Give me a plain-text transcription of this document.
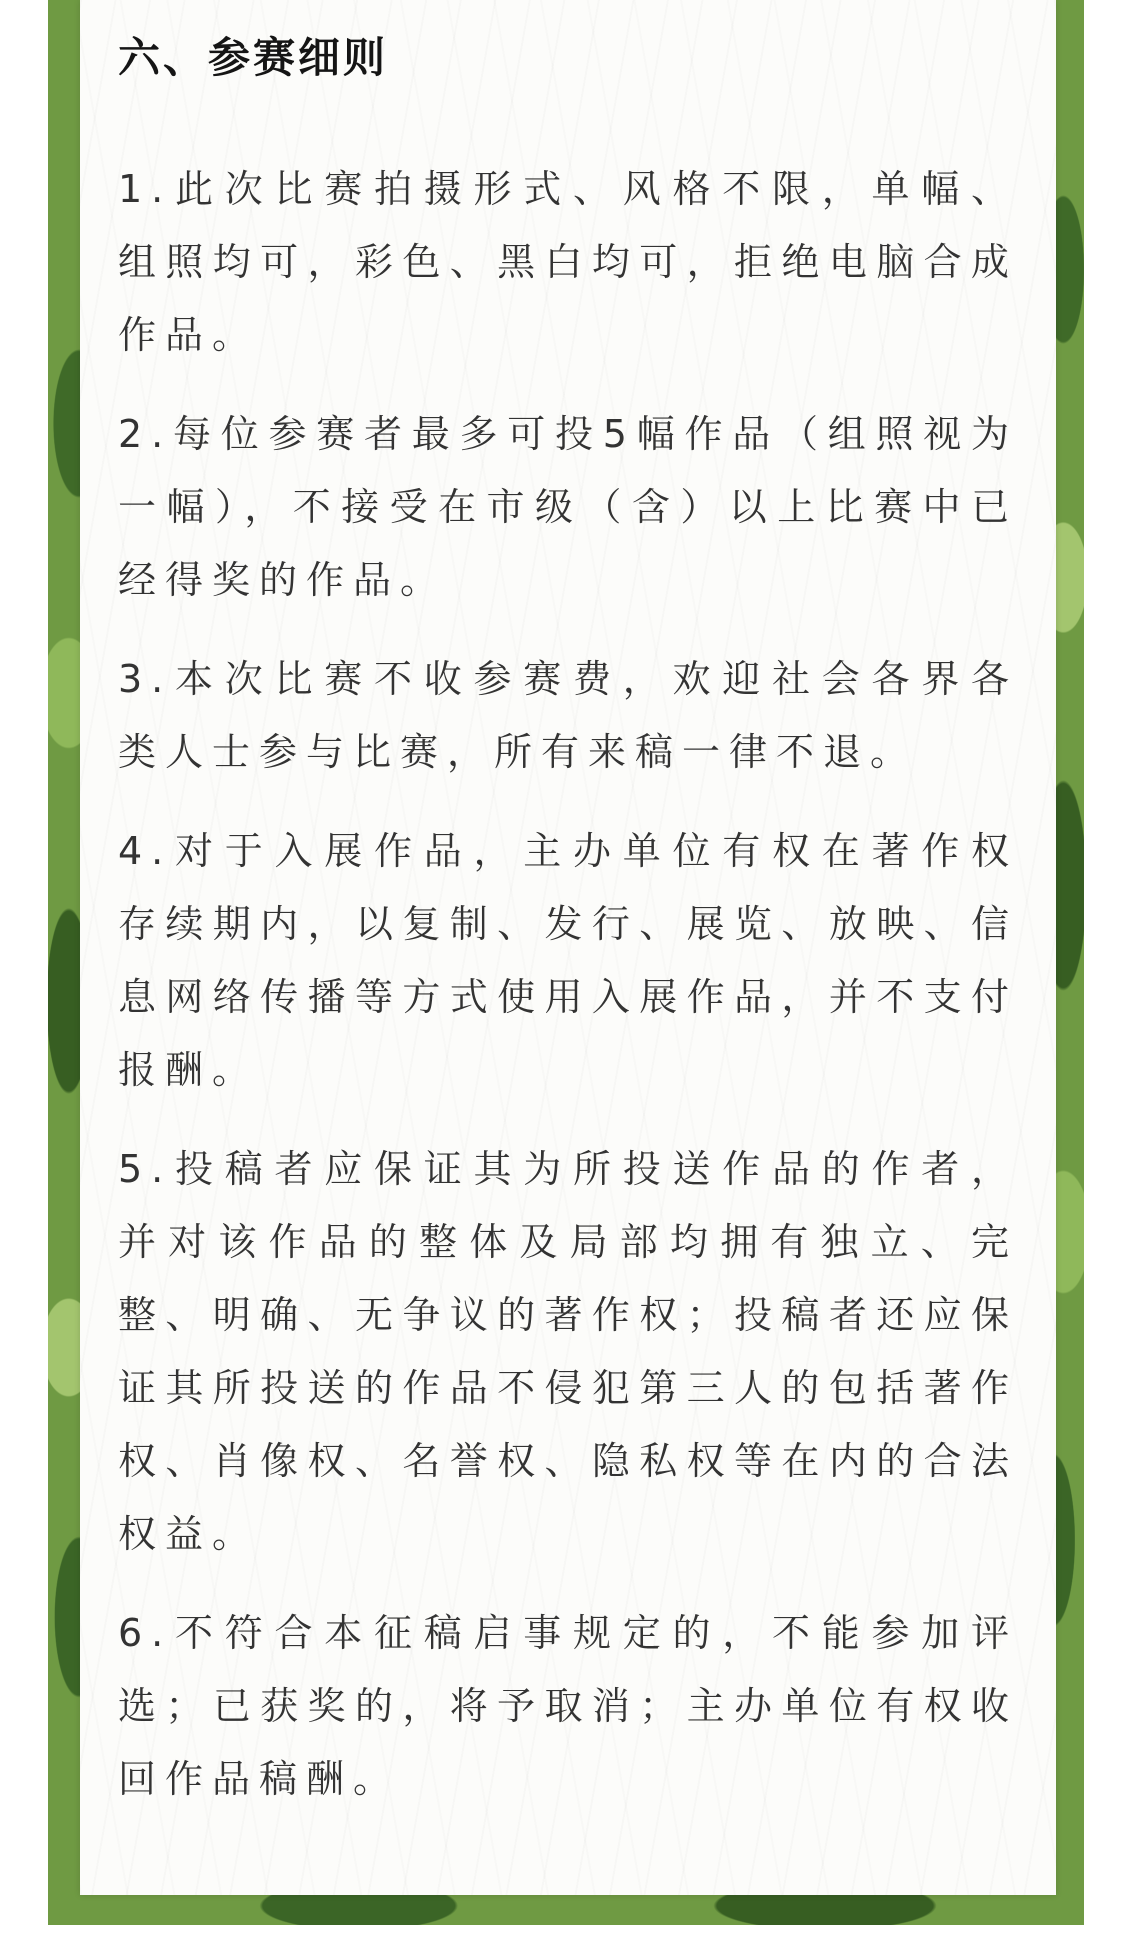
六、参赛细则

1.此次比赛拍摄形式、风格不限，单幅、组照均可，彩色、黑白均可，拒绝电脑合成作品。

2.每位参赛者最多可投5幅作品（组照视为一幅），不接受在市级（含）以上比赛中已经得奖的作品。

3.本次比赛不收参赛费，欢迎社会各界各类人士参与比赛，所有来稿一律不退。

4.对于入展作品，主办单位有权在著作权存续期内，以复制、发行、展览、放映、信息网络传播等方式使用入展作品，并不支付报酬。

5.投稿者应保证其为所投送作品的作者，并对该作品的整体及局部均拥有独立、完整、明确、无争议的著作权；投稿者还应保证其所投送的作品不侵犯第三人的包括著作权、肖像权、名誉权、隐私权等在内的合法权益。

6.不符合本征稿启事规定的，不能参加评选；已获奖的，将予取消；主办单位有权收回作品稿酬。
